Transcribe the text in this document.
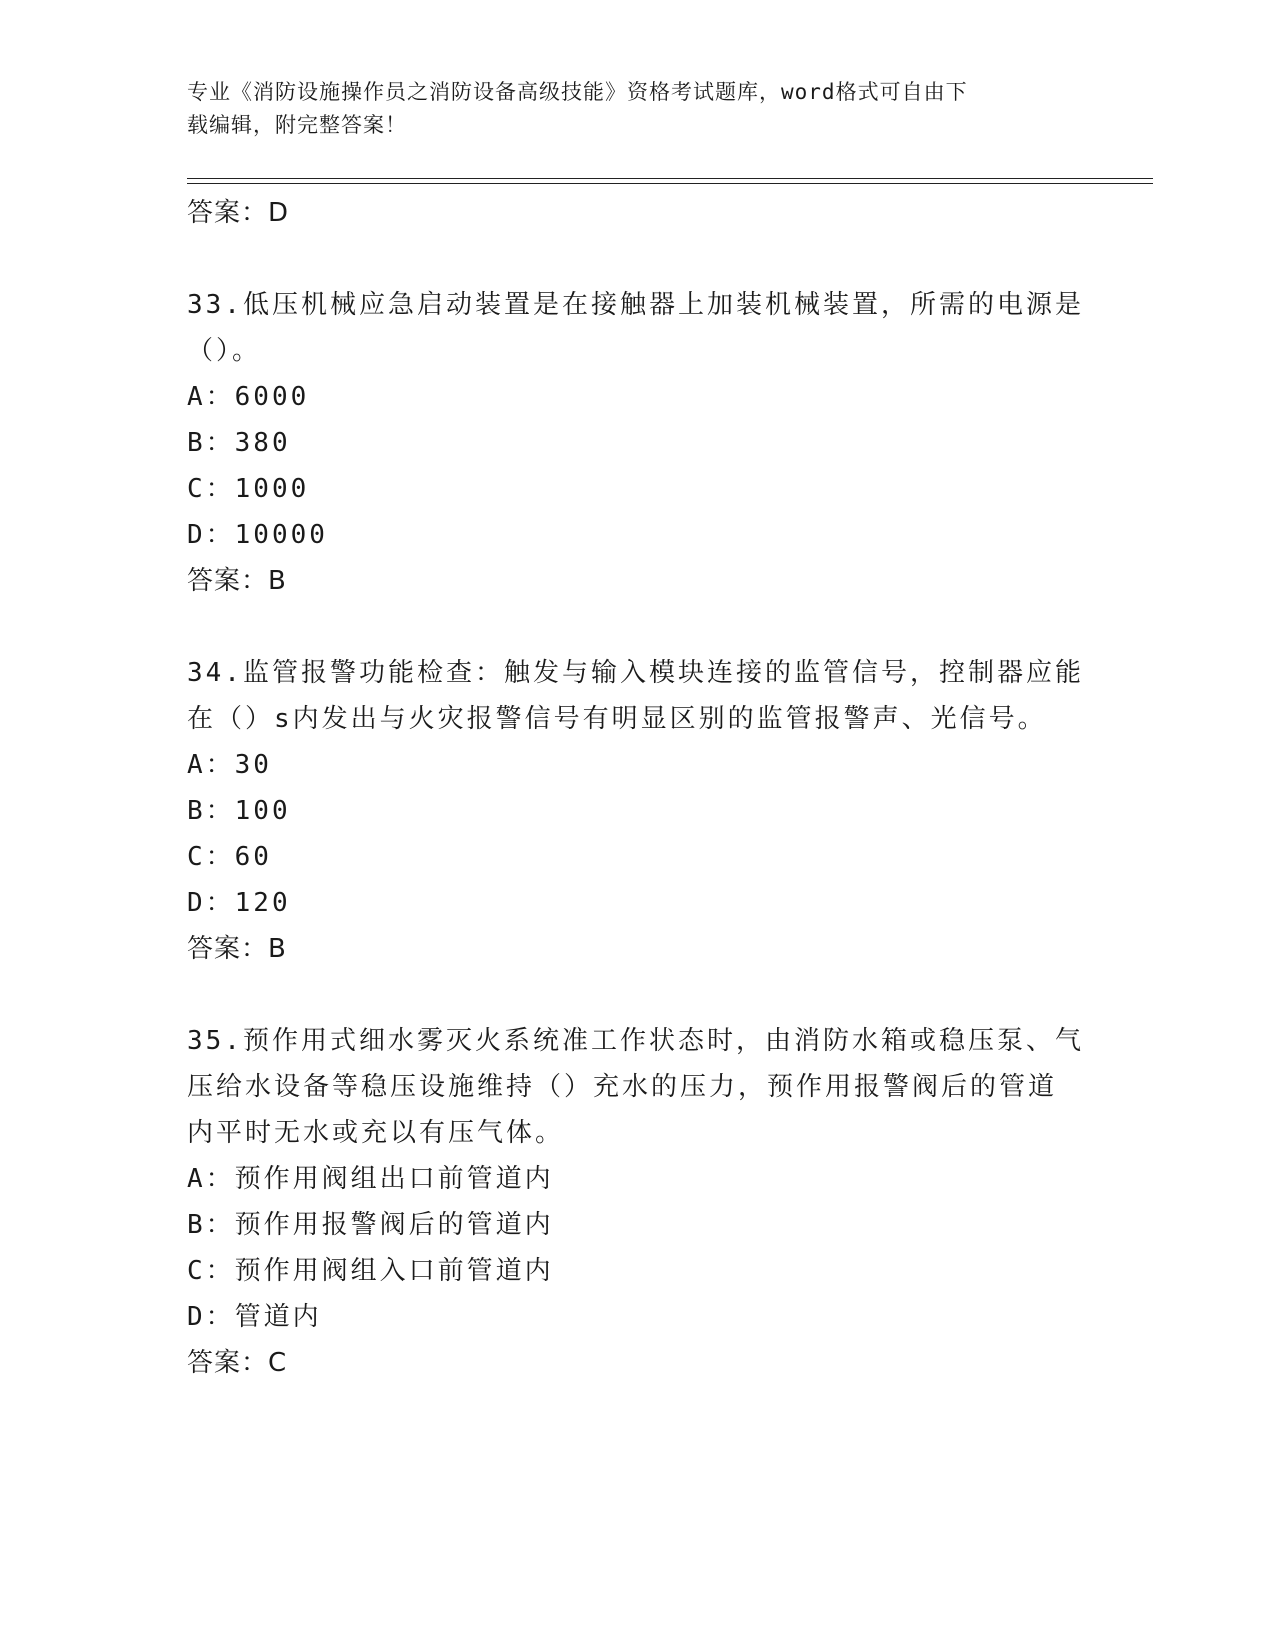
专业《消防设施操作员之消防设备高级技能》资格考试题库，word格式可自由下
载编辑，附完整答案！
答案：D
33.低压机械应急启动装置是在接触器上加装机械装置，所需的电源是
（）。
A：6000
B：380
C：1000
D：10000
答案：B
34.监管报警功能检查：触发与输入模块连接的监管信号，控制器应能
在（）s内发出与火灾报警信号有明显区别的监管报警声、光信号。
A：30
B：100
C：60
D：120
答案：B
35.预作用式细水雾灭火系统准工作状态时，由消防水箱或稳压泵、气
压给水设备等稳压设施维持（）充水的压力，预作用报警阀后的管道
内平时无水或充以有压气体。
A：预作用阀组出口前管道内
B：预作用报警阀后的管道内
C：预作用阀组入口前管道内
D：管道内
答案：C
